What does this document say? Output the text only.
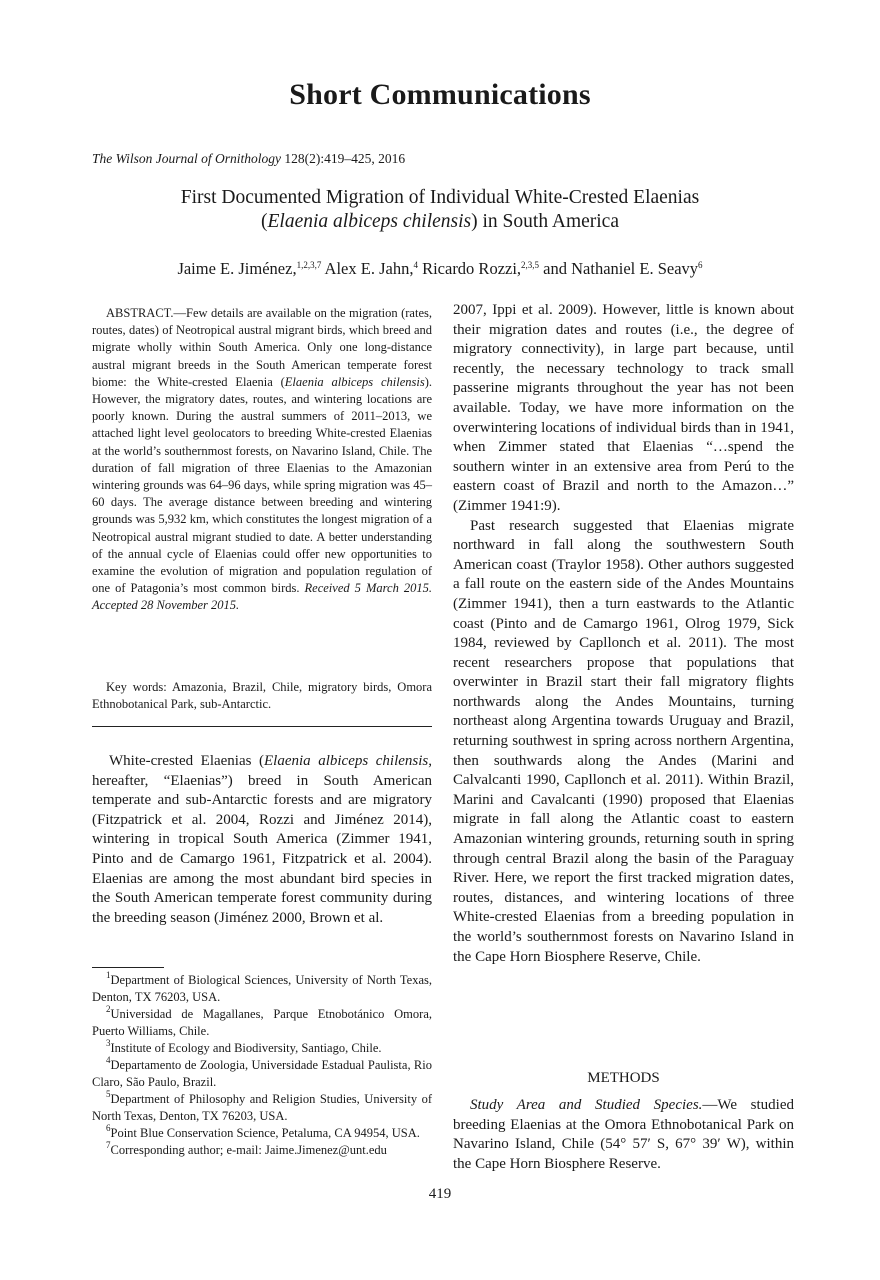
Short Communications
The Wilson Journal of Ornithology 128(2):419–425, 2016
First Documented Migration of Individual White-Crested Elaenias
(Elaenia albiceps chilensis) in South America
Jaime E. Jiménez,$^{1,2,3,7}$ Alex E. Jahn,$^4$ Ricardo Rozzi,$^{2,3,5}$ and Nathaniel E. Seavy$^6$

ABSTRACT.—Few details are available on the migration (rates, routes, dates) of Neotropical austral migrant birds, which breed and migrate wholly within South America. Only one long-distance austral migrant breeds in the South American temperate forest biome: the White-crested Elaenia (Elaenia albiceps chilensis). However, the migratory dates, routes, and wintering locations are poorly known. During the austral summers of 2011–2013, we attached light level geolocators to breeding White-crested Elaenias at the world’s southernmost forests, on Navarino Island, Chile. The duration of fall migration of three Elaenias to the Amazonian wintering grounds was 64–96 days, while spring migration was 45–60 days. The average distance between breeding and wintering grounds was 5,932 km, which constitutes the longest migration of a Neotropical austral migrant studied to date. A better understanding of the annual cycle of Elaenias could offer new opportunities to examine the evolution of migration and population regulation of one of Patagonia’s most common birds. Received 5 March 2015. Accepted 28 November 2015.

Key words: Amazonia, Brazil, Chile, migratory birds, Omora Ethnobotanical Park, sub-Antarctic.

White-crested Elaenias (Elaenia albiceps chilensis, hereafter, “Elaenias”) breed in South American temperate and sub-Antarctic forests and are migratory (Fitzpatrick et al. 2004, Rozzi and Jiménez 2014), wintering in tropical South America (Zimmer 1941, Pinto and de Camargo 1961, Fitzpatrick et al. 2004). Elaenias are among the most abundant bird species in the South American temperate forest community during the breeding season (Jiménez 2000, Brown et al.

$^1$Department of Biological Sciences, University of North Texas, Denton, TX 76203, USA.

$^2$Universidad de Magallanes, Parque Etnobotánico Omora, Puerto Williams, Chile.

$^3$Institute of Ecology and Biodiversity, Santiago, Chile.

$^4$Departamento de Zoologia, Universidade Estadual Paulista, Rio Claro, São Paulo, Brazil.

$^5$Department of Philosophy and Religion Studies, University of North Texas, Denton, TX 76203, USA.

$^6$Point Blue Conservation Science, Petaluma, CA 94954, USA.

$^7$Corresponding author; e-mail: Jaime.Jimenez@unt.edu

2007, Ippi et al. 2009). However, little is known about their migration dates and routes (i.e., the degree of migratory connectivity), in large part because, until recently, the necessary technology to track small passerine migrants throughout the year has not been available. Today, we have more information on the overwintering locations of individual birds than in 1941, when Zimmer stated that Elaenias “…spend the southern winter in an extensive area from Perú to the eastern coast of Brazil and north to the Amazon…” (Zimmer 1941:9).

Past research suggested that Elaenias migrate northward in fall along the southwestern South American coast (Traylor 1958). Other authors suggested a fall route on the eastern side of the Andes Mountains (Zimmer 1941), then a turn eastwards to the Atlantic coast (Pinto and de Camargo 1961, Olrog 1979, Sick 1984, reviewed by Capllonch et al. 2011). The most recent researchers propose that populations that overwinter in Brazil start their fall migratory flights northwards along the Andes Mountains, turning northeast along Argentina towards Uruguay and Brazil, returning southwest in spring across northern Argentina, then southwards along the Andes (Marini and Calvalcanti 1990, Capllonch et al. 2011). Within Brazil, Marini and Cavalcanti (1990) proposed that Elaenias migrate in fall along the Atlantic coast to eastern Amazonian wintering grounds, returning south in spring through central Brazil along the basin of the Paraguay River. Here, we report the first tracked migration dates, routes, distances, and wintering locations of three White-crested Elaenias from a breeding population in the world’s southernmost forests on Navarino Island in the Cape Horn Biosphere Reserve, Chile.

METHODS

Study Area and Studied Species.—We studied breeding Elaenias at the Omora Ethnobotanical Park on Navarino Island, Chile (54° 57′ S, 67° 39′ W), within the Cape Horn Biosphere Reserve.

419
